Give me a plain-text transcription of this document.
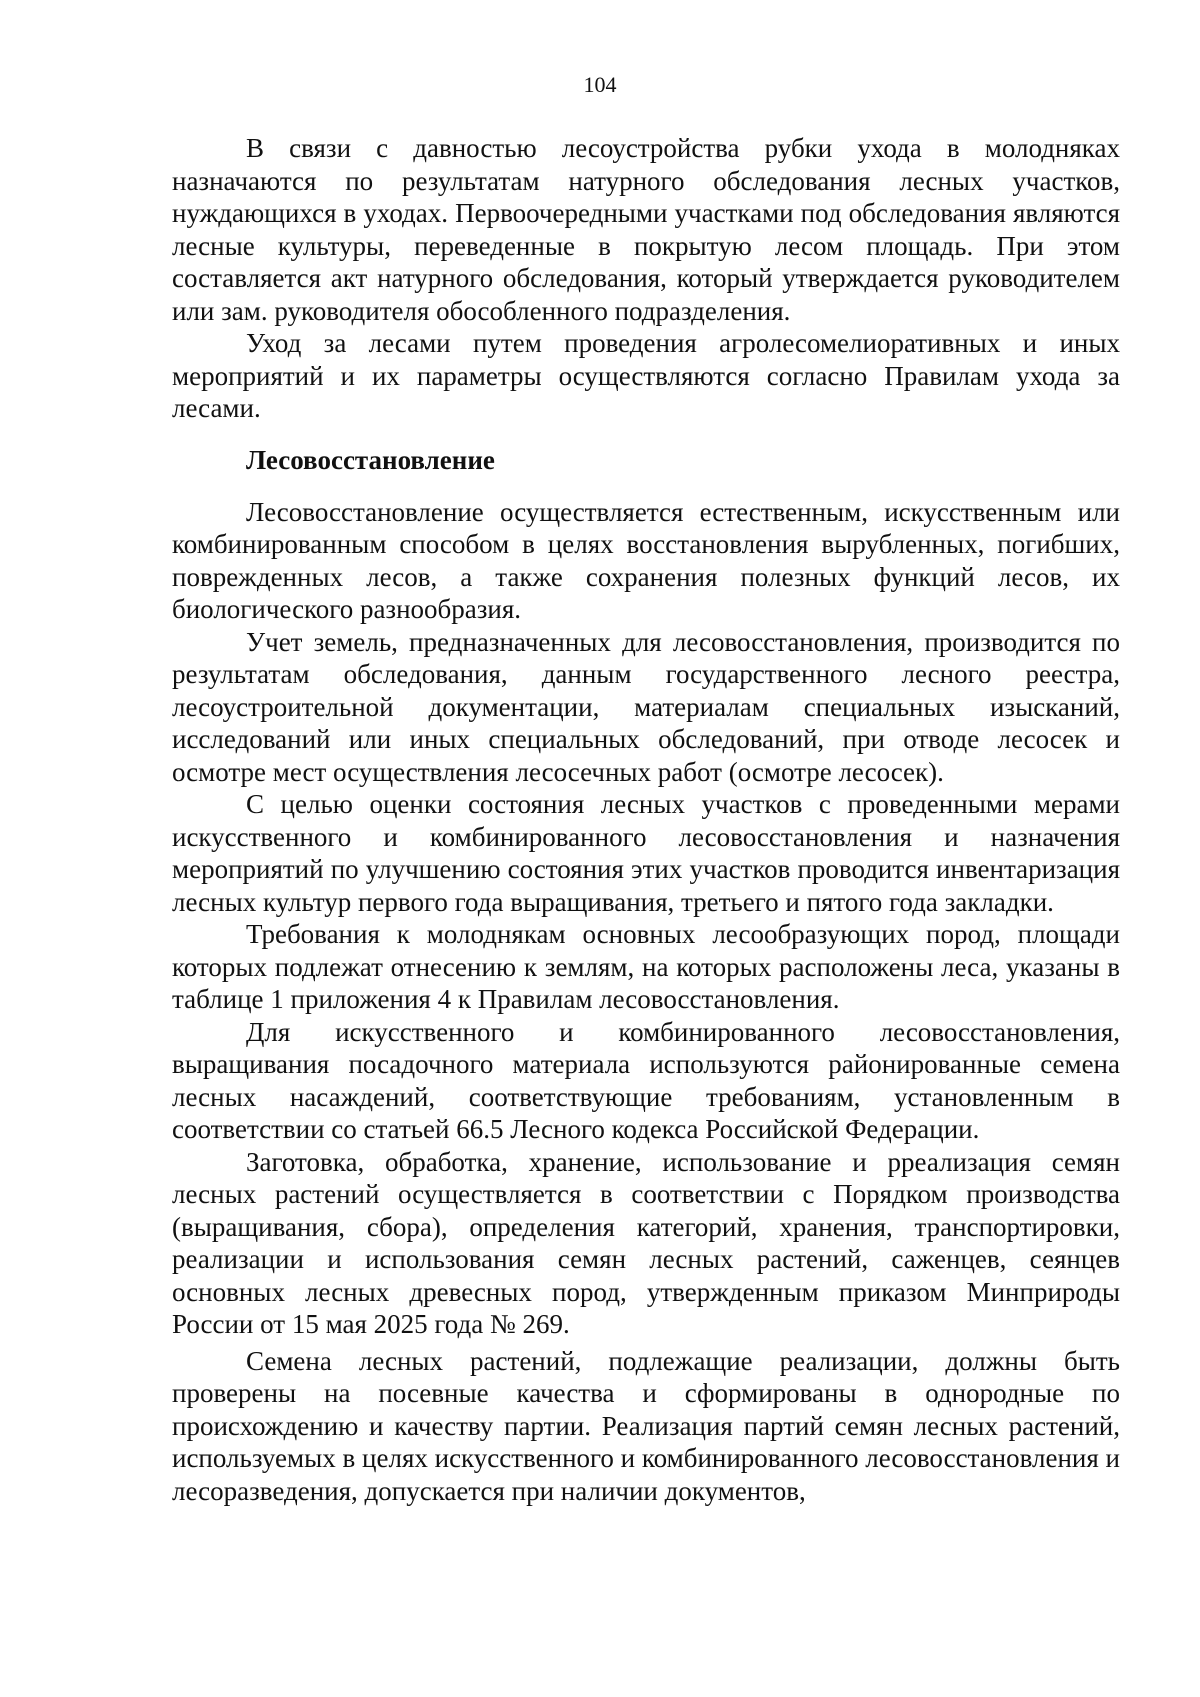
104

В связи с давностью лесоустройства рубки ухода в молодняках назначаются по результатам натурного обследования лесных участков, нуждающихся в уходах. Первоочередными участками под обследования являются лесные культуры, переведенные в покрытую лесом площадь. При этом составляется акт натурного обследования, который утверждается руководителем или зам. руководителя обособленного подразделения.

Уход за лесами путем проведения агролесомелиоративных и иных мероприятий и их параметры осуществляются согласно Правилам ухода за лесами.

Лесовосстановление

Лесовосстановление осуществляется естественным, искусственным или комбинированным способом в целях восстановления вырубленных, погибших, поврежденных лесов, а также сохранения полезных функций лесов, их биологического разнообразия.

Учет земель, предназначенных для лесовосстановления, производится по результатам обследования, данным государственного лесного реестра, лесоустроительной документации, материалам специальных изысканий, исследований или иных специальных обследований, при отводе лесосек и осмотре мест осуществления лесосечных работ (осмотре лесосек).

С целью оценки состояния лесных участков с проведенными мерами искусственного и комбинированного лесовосстановления и назначения мероприятий по улучшению состояния этих участков проводится инвентаризация лесных культур первого года выращивания, третьего и пятого года закладки.

Требования к молоднякам основных лесообразующих пород, площади которых подлежат отнесению к землям, на которых расположены леса, указаны в таблице 1 приложения 4 к Правилам лесовосстановления.

Для искусственного и комбинированного лесовосстановления, выращивания посадочного материала используются районированные семена лесных насаждений, соответствующие требованиям, установленным в соответствии со статьей 66.5 Лесного кодекса Российской Федерации.

Заготовка, обработка, хранение, использование и рреализация семян лесных растений осуществляется в соответствии с Порядком производства (выращивания, сбора), определения категорий, хранения, транспортировки, реализации и использования семян лесных растений, саженцев, сеянцев основных лесных древесных пород, утвержденным приказом Минприроды России от 15 мая 2025 года № 269.

Семена лесных растений, подлежащие реализации, должны быть проверены на посевные качества и сформированы в однородные по происхождению и качеству партии. Реализация партий семян лесных растений, используемых в целях искусственного и комбинированного лесовосстановления и лесоразведения, допускается при наличии документов,
